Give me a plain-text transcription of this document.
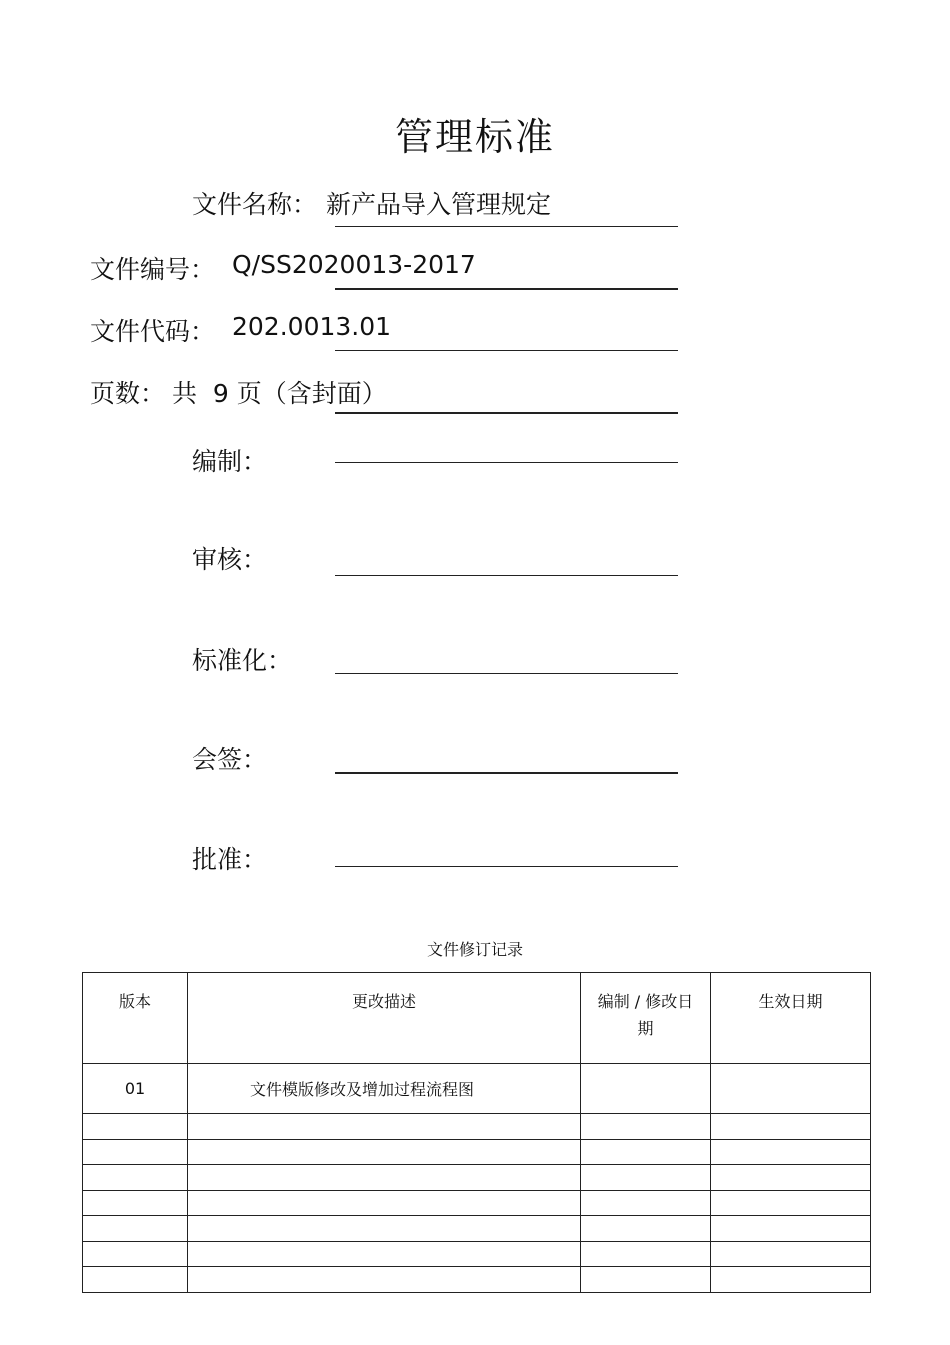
管理标准
文件名称： 新产品导入管理规定
文件编号： Q/SS2020013-2017
文件代码： 202.0013.01
页数： 共  9 页（含封面）
编制：
审核：
标准化：
会签：
批准：
文件修订记录
版本	更改描述	编制 / 修改日期	生效日期
01	文件模版修改及增加过程流程图		
